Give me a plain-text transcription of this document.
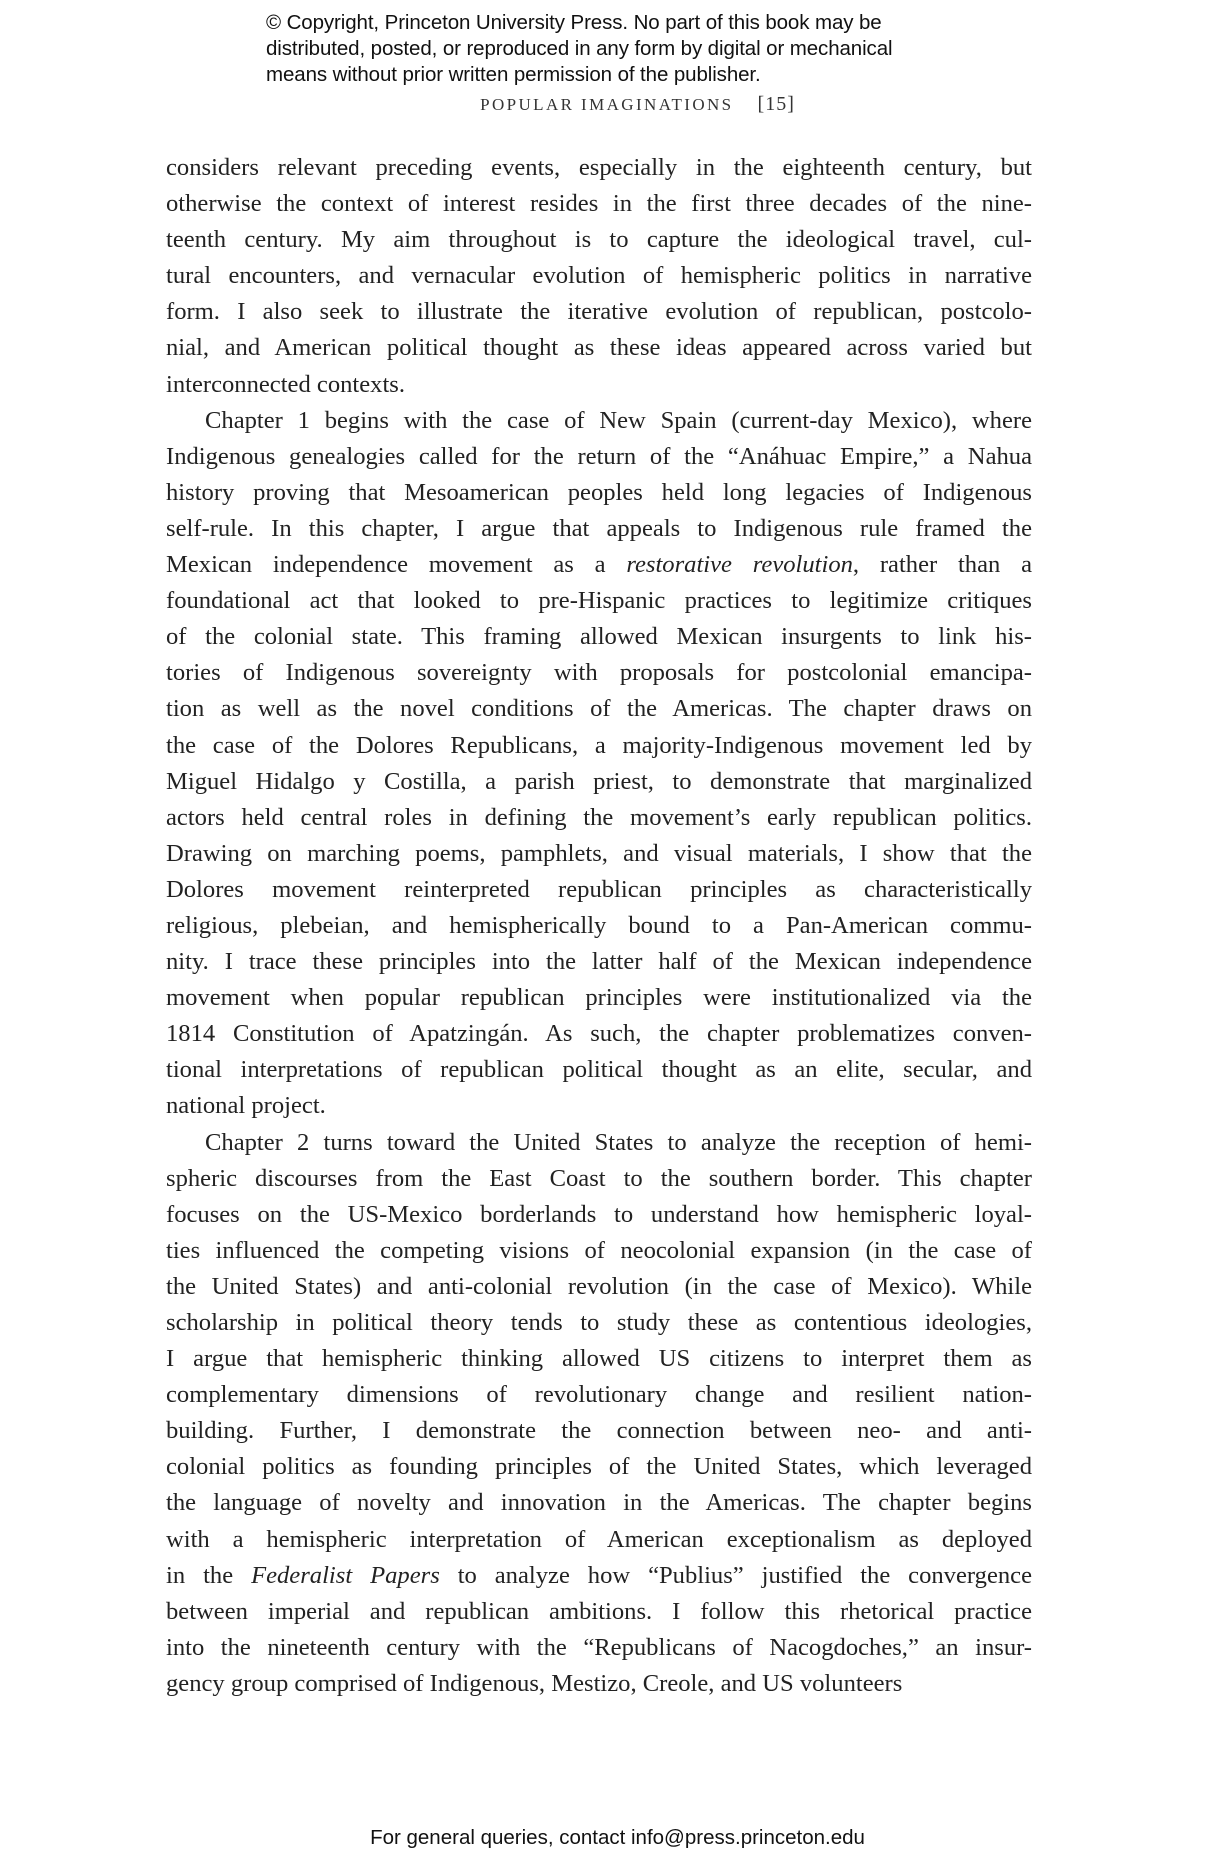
© Copyright, Princeton University Press. No part of this book may be
distributed, posted, or reproduced in any form by digital or mechanical
means without prior written permission of the publisher.
POPULAR IMAGINATIONS [15]
considers relevant preceding events, especially in the eighteenth century, but
otherwise the context of interest resides in the first three decades of the nine-
teenth century. My aim throughout is to capture the ideological travel, cul-
tural encounters, and vernacular evolution of hemispheric politics in narrative
form. I also seek to illustrate the iterative evolution of republican, postcolo-
nial, and American political thought as these ideas appeared across varied but
interconnected contexts.
Chapter 1 begins with the case of New Spain (current-day Mexico), where
Indigenous genealogies called for the return of the “Anáhuac Empire,” a Nahua
history proving that Mesoamerican peoples held long legacies of Indigenous
self-rule. In this chapter, I argue that appeals to Indigenous rule framed the
Mexican independence movement as a restorative revolution, rather than a
foundational act that looked to pre-Hispanic practices to legitimize critiques
of the colonial state. This framing allowed Mexican insurgents to link his-
tories of Indigenous sovereignty with proposals for postcolonial emancipa-
tion as well as the novel conditions of the Americas. The chapter draws on
the case of the Dolores Republicans, a majority-Indigenous movement led by
Miguel Hidalgo y Costilla, a parish priest, to demonstrate that marginalized
actors held central roles in defining the movement’s early republican politics.
Drawing on marching poems, pamphlets, and visual materials, I show that the
Dolores movement reinterpreted republican principles as characteristically
religious, plebeian, and hemispherically bound to a Pan-American commu-
nity. I trace these principles into the latter half of the Mexican independence
movement when popular republican principles were institutionalized via the
1814 Constitution of Apatzingán. As such, the chapter problematizes conven-
tional interpretations of republican political thought as an elite, secular, and
national project.
Chapter 2 turns toward the United States to analyze the reception of hemi-
spheric discourses from the East Coast to the southern border. This chapter
focuses on the US-Mexico borderlands to understand how hemispheric loyal-
ties influenced the competing visions of neocolonial expansion (in the case of
the United States) and anti-colonial revolution (in the case of Mexico). While
scholarship in political theory tends to study these as contentious ideologies,
I argue that hemispheric thinking allowed US citizens to interpret them as
complementary dimensions of revolutionary change and resilient nation-
building. Further, I demonstrate the connection between neo- and anti-
colonial politics as founding principles of the United States, which leveraged
the language of novelty and innovation in the Americas. The chapter begins
with a hemispheric interpretation of American exceptionalism as deployed
in the Federalist Papers to analyze how “Publius” justified the convergence
between imperial and republican ambitions. I follow this rhetorical practice
into the nineteenth century with the “Republicans of Nacogdoches,” an insur-
gency group comprised of Indigenous, Mestizo, Creole, and US volunteers
For general queries, contact info@press.princeton.edu
